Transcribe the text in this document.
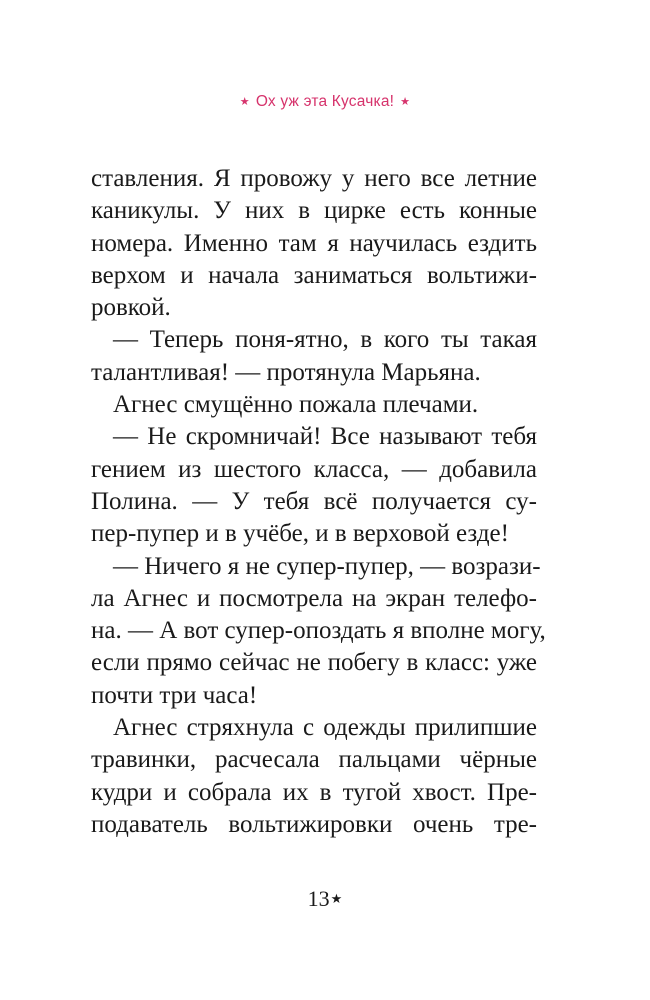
★ Ох уж эта Кусачка! ★
ставления. Я провожу у него все летние
каникулы. У них в цирке есть конные
номера. Именно там я научилась ездить
верхом и начала заниматься вольтижи-
ровкой.
— Теперь поня-ятно, в кого ты такая
талантливая! — протянула Марьяна.
Агнес смущённо пожала плечами.
— Не скромничай! Все называют тебя
гением из шестого класса, — добавила
Полина. — У тебя всё получается су-
пер-пупер и в учёбе, и в верховой езде!
— Ничего я не супер-пупер, — возрази-
ла Агнес и посмотрела на экран телефо-
на. — А вот супер-опоздать я вполне могу,
если прямо сейчас не побегу в класс: уже
почти три часа!
Агнес стряхнула с одежды прилипшие
травинки, расчесала пальцами чёрные
кудри и собрала их в тугой хвост. Пре-
подаватель вольтижировки очень тре-
13★
